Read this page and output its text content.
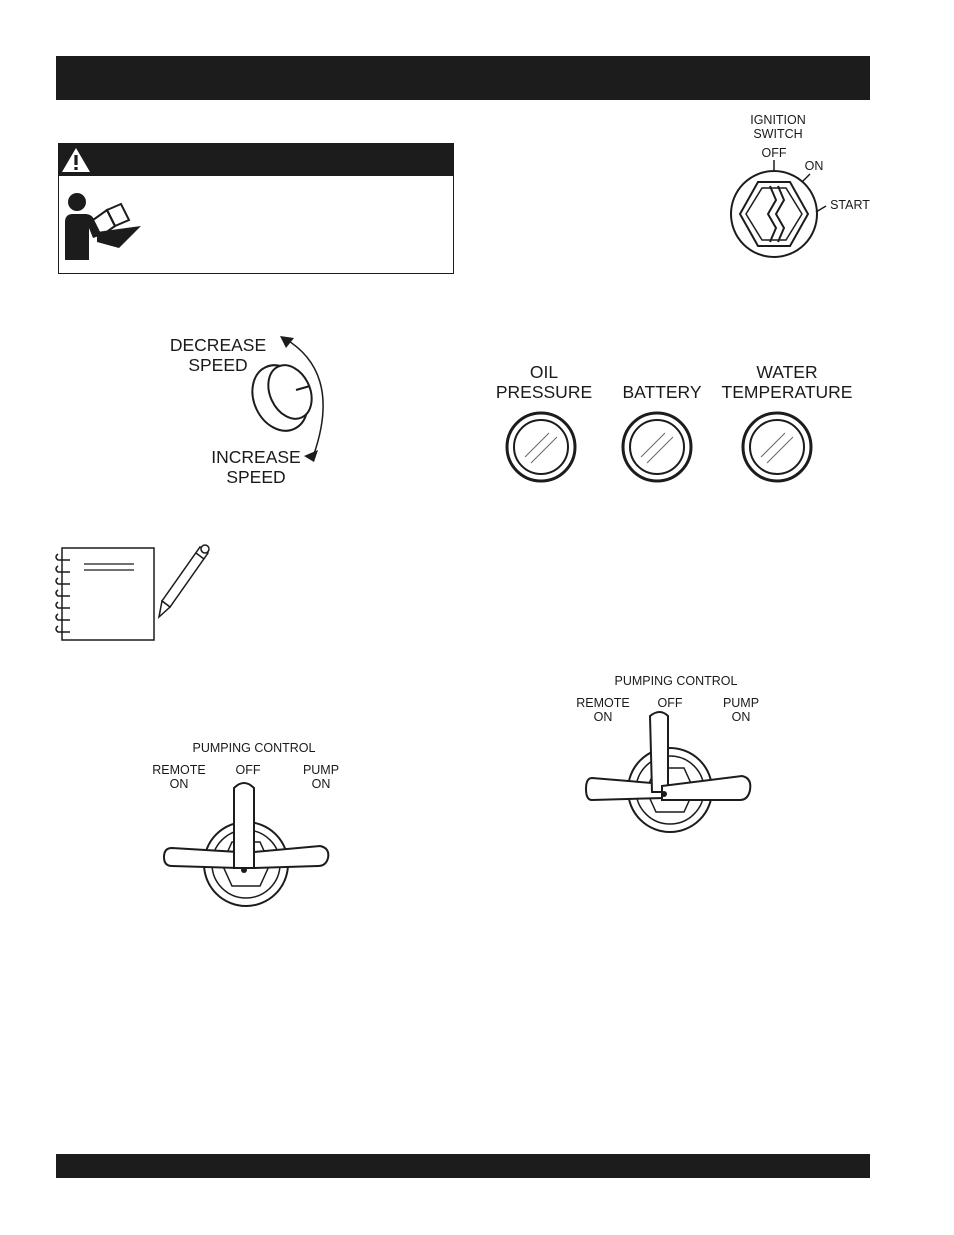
IGNITION
SWITCH
OFF
ON
START
DECREASE
SPEED
INCREASE
SPEED
OIL
PRESSURE	BATTERY
WATER
TEMPERATURE
PUMPING CONTROL
REMOTE
ON
OFF	PUMP
ON
PUMPING CONTROL
REMOTE
ON
OFF	PUMP
ON
